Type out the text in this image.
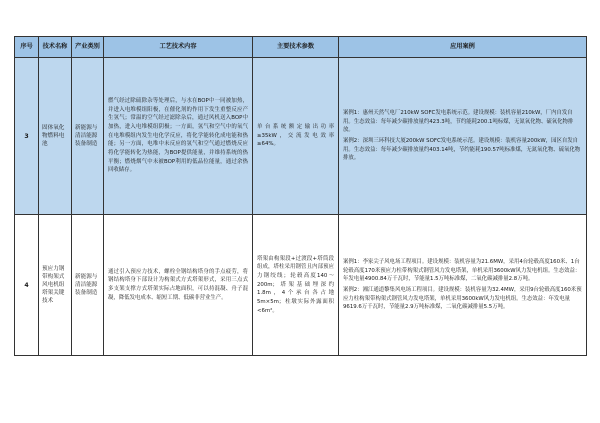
序号	技术名称	产业类别	工艺技术内容	主要技术参数	应用案例
3	固体氧化物燃料电池	新能源与清洁能源装备制造	燃气经过除硫除杂等处理后，与水在BOP中一同被加热，并进入电堆模组阳极，在催化剂的作用下发生重整反应产生氢气；常温的空气经过滤除杂后，通过风机送入BOP中加热，进入电堆模组阴极；一方面，氢气和空气中的氧气在电堆模组内发生电化学反应，将化学能转化成电能和热能；另一方面，电堆中未反应的氢气和空气通过燃烧反应将化学能转化为热能，为BOP提供能量，并维持系统的热平衡；燃烧烟气中未被BOP利用的低品位能量，通过余热回收储存。	单台系统额定输出功率≥35kW，交流发电效率≥64%。	案例1：惠州天然气电厂210kW SOFC发电系统示范。建设规模：装机容量210kW，厂内自发自用。生态效益：每年减少碳排放量约423.3吨，节约能耗200.1吨标煤，无氮氧化物、硫氧化物排放。
案例2：深圳三环科技大厦200kW SOFC发电系统示范。建设规模：装机容量200kW，园区自发自用。生态效益：每年减少碳排放量约403.14吨，节约能耗190.57吨标准煤，无氮氧化物、硫氧化物排放。

4	预应力钢带构架式风电机组塔架关键技术	新能源与清洁能源装备制造	通过引入预应力技术，螺栓全钢结构塔身的手点疲劳，将钢结构塔身下部设计为构架式方式塔架形式，采用三点式多支架支撑方式塔架实际占地面积，可以持混凝、舟子混凝，降低发电成本、缩短工期、低碳非营业生产。	塔架由构架段+过渡段+塔筒段组成，塔柱采用钢管且内部预应力钢绞线；轮毂高度140～200m；塔架基础埋深约1.8m，4个承台各占地5m×5m；柱墩实际外露面积<6m²。	案例1：李家尖子风电场工程项目。建设规模：装机容量为21.6MW，采用4台轮毂高度160米、1台轮毂高度170米预应力柱带构架式钢管风力发电塔架，单机采用3600kW风力发电机组。生态效益：年发电量4900.84万千瓦时，节能量1.5万吨标准煤，二氧化碳减排量2.8万吨。
案例2：湘江通道黎集风电场工程项目。建设规模：装机容量为32.4MW，采用9台轮毂高度160米预应力柱构架带构架式钢管风力发电塔架，单机采用3600kW风力发电机组。生态效益：年发电量9619.6万千瓦时，节能量2.9万吨标准煤，二氧化碳减排量5.5万吨。
